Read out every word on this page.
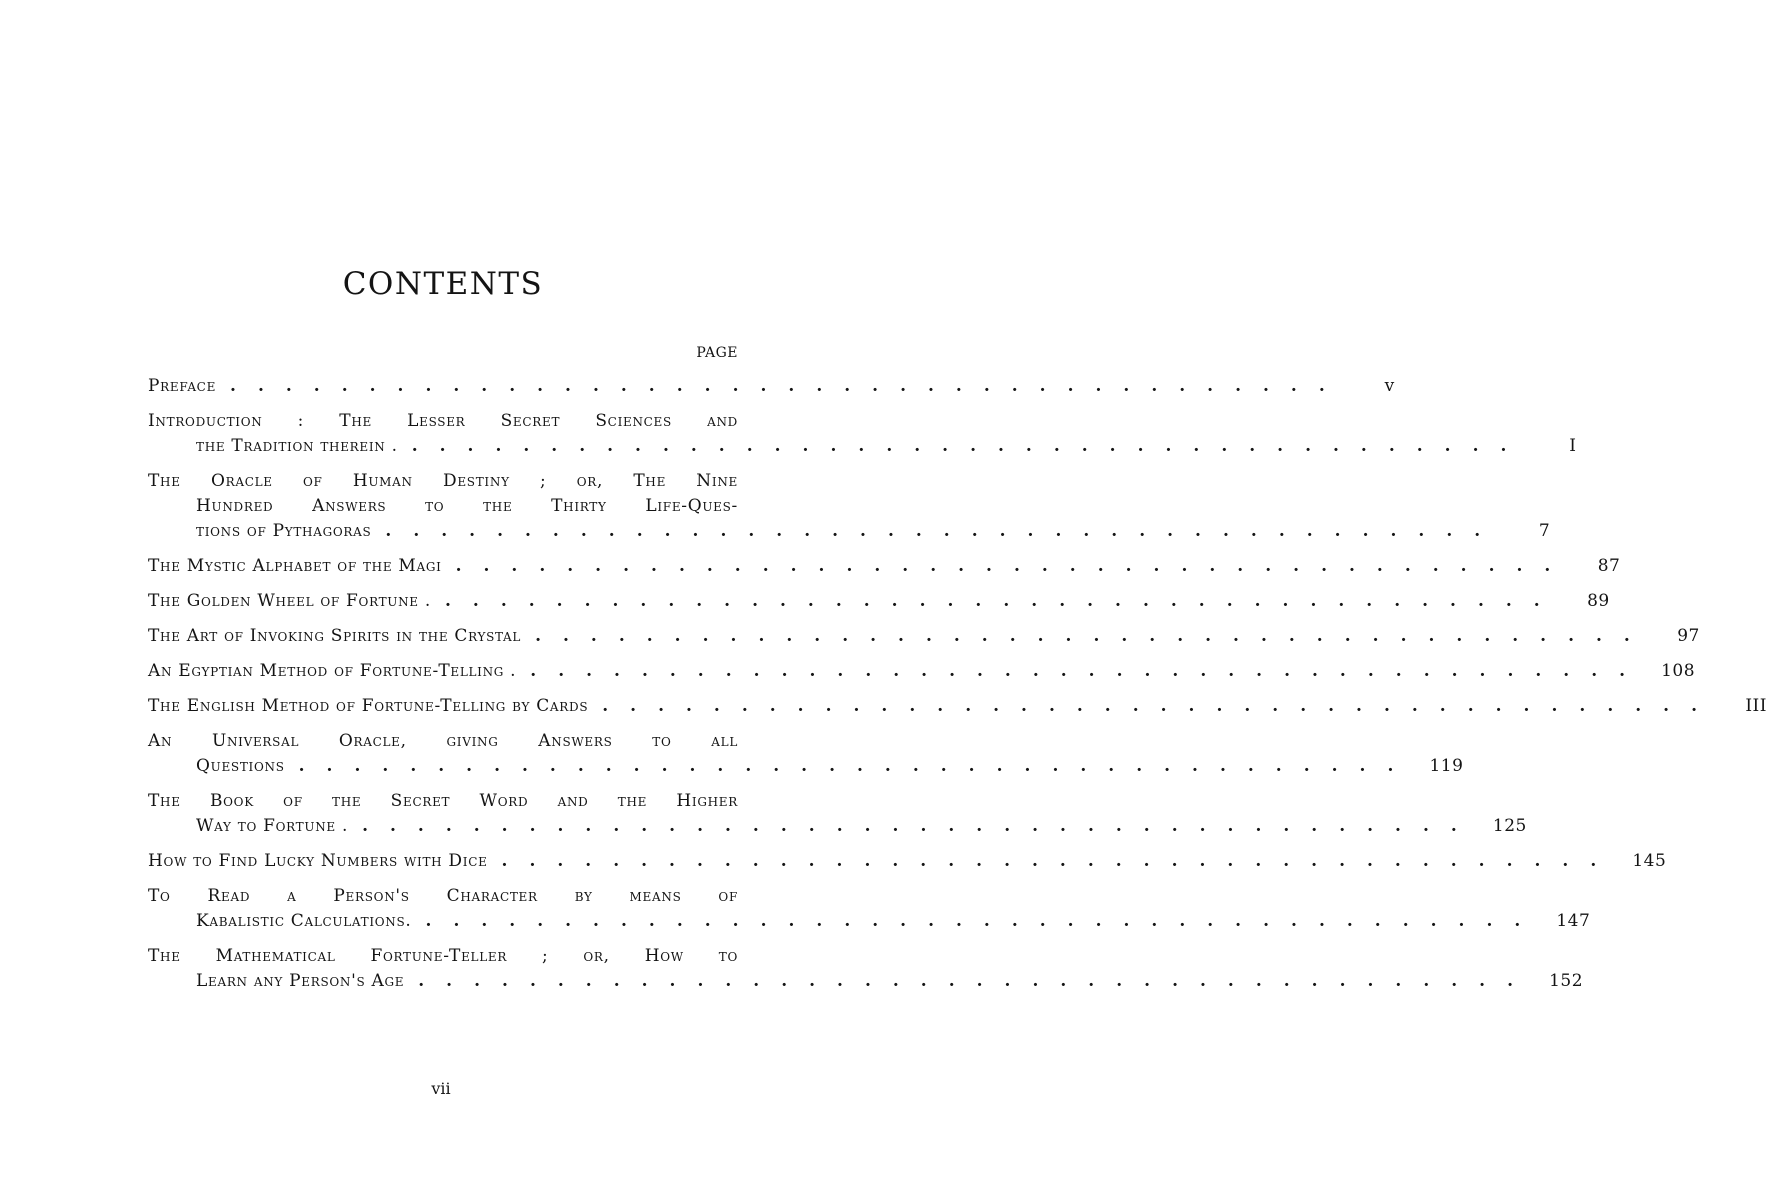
CONTENTS
PAGE
Preface ........................................	v
Introduction : The Lesser Secret Sciences and
the Tradition therein . ........................................	I
The Oracle of Human Destiny ; or, The Nine
Hundred Answers to the Thirty Life-Ques-
tions of Pythagoras ........................................	7
The Mystic Alphabet of the Magi ........................................	87
The Golden Wheel of Fortune . ........................................	89
The Art of Invoking Spirits in the Crystal ........................................	97
An Egyptian Method of Fortune-Telling . ........................................ 108
The English Method of Fortune-Telling by Cards ........................................	III
An Universal Oracle, giving Answers to all
Questions ........................................ 119
The Book of the Secret Word and the Higher
Way to Fortune . ........................................ 125
How to Find Lucky Numbers with Dice ........................................ 145
To Read a Person's Character by means of
Kabalistic Calculations. ........................................ 147
The Mathematical Fortune-Teller ; or, How to
Learn any Person's Age ........................................ 152
vii
